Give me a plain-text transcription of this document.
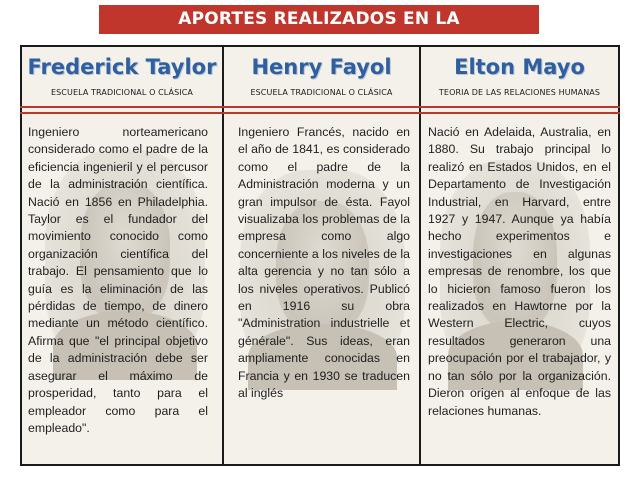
APORTES REALIZADOS EN LA
Frederick Taylor
ESCUELA TRADICIONAL O CLÁSICA
Henry Fayol
ESCUELA TRADICIONAL O CLÁSICA
Elton Mayo
TEORIA DE LAS RELACIONES HUMANAS
Ingeniero norteamericano considerado como el padre de la eficiencia ingenieril y el percusor de la administración científica. Nació en 1856 en Philadelphia. Taylor es el fundador del movimiento conocido como organización científica del trabajo. El pensamiento que lo guía es la eliminación de las pérdidas de tiempo, de dinero mediante un método científico. Afirma que "el principal objetivo de la administración debe ser asegurar el máximo de prosperidad, tanto para el empleador como para el empleado".
Ingeniero Francés, nacido en el año de 1841, es considerado como el padre de la Administración moderna y un gran impulsor de ésta. Fayol visualizaba los problemas de la empresa como algo concerniente a los niveles de la alta gerencia y no tan sólo a los niveles operativos. Publicó en 1916 su obra "Administration industrielle et générale". Sus ideas, eran ampliamente conocidas en Francia y en 1930 se traducen al inglés
Nació en Adelaida, Australia, en 1880. Su trabajo principal lo realizó en Estados Unidos, en el Departamento de Investigación Industrial, en Harvard, entre 1927 y 1947. Aunque ya había hecho experimentos e investigaciones en algunas empresas de renombre, los que lo hicieron famoso fueron los realizados en Hawtorne por la Western Electric, cuyos resultados generaron una preocupación por el trabajador, y no tan sólo por la organización. Dieron origen al enfoque de las relaciones humanas.
